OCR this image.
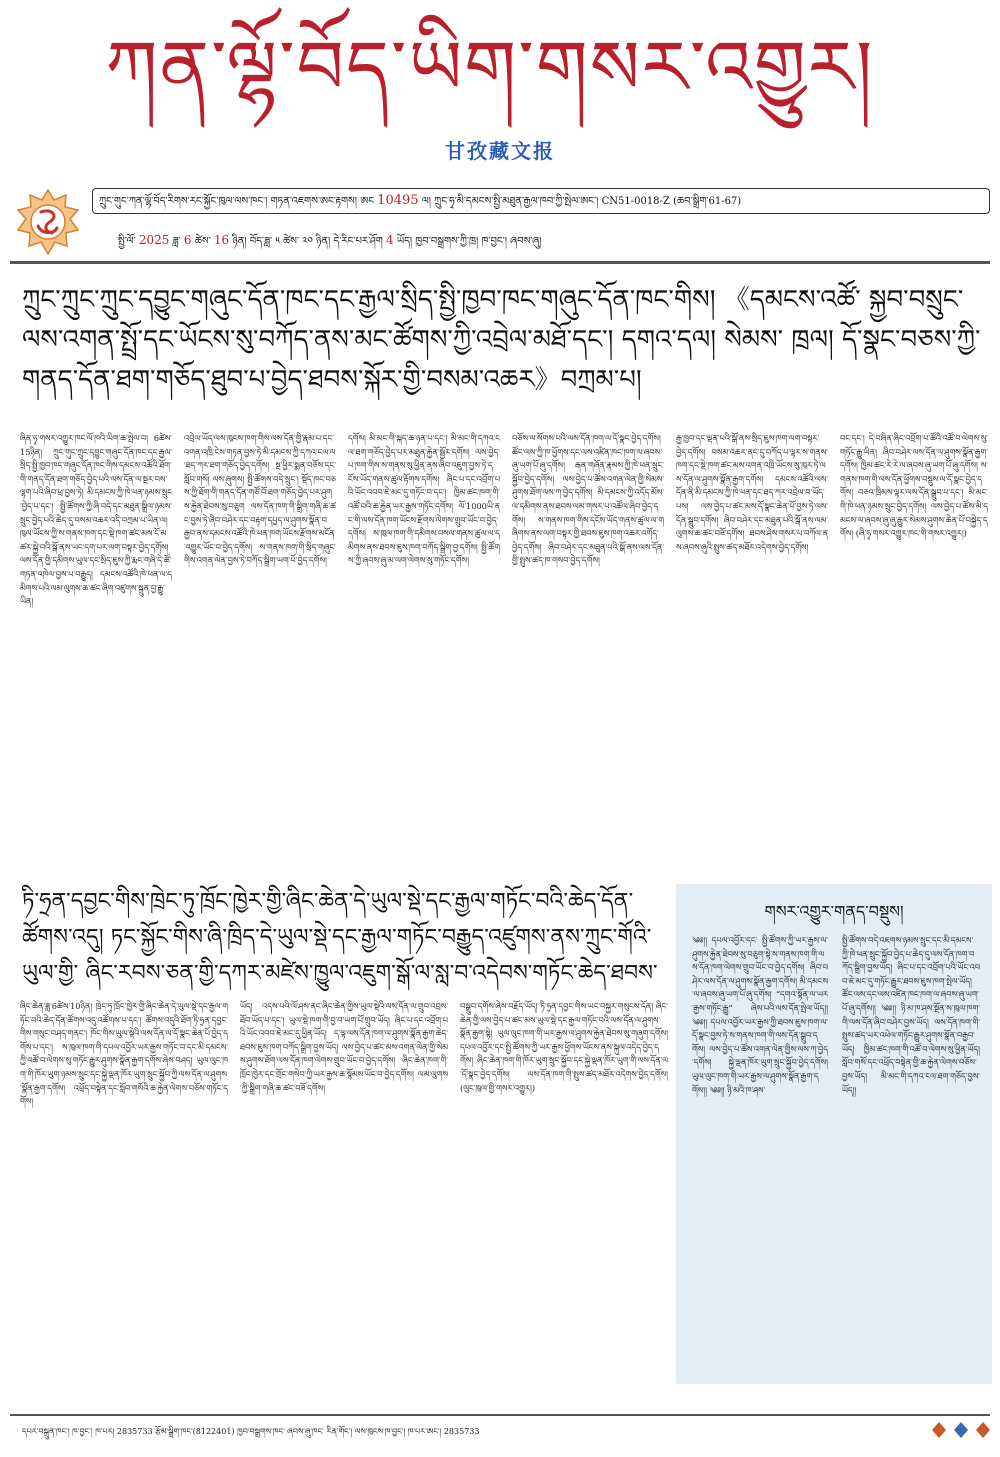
ཀན་ལྷོ་བོད་ཡིག་གསར་འགྱུར།
甘孜藏文报
ཀྲུང་གུང་ཀན་ལྷོ་བོད་རིགས་རང་སྐྱོང་ཁུལ་ལས་ཁང་། གཏན་འཇགས་ཨང་རྟགས། ཨང 10495 ལ། ཀྲུང་ཧྭ་མི་དམངས་སྤྱི་མཐུན་རྒྱལ་ཁབ་ཀྱི་སྤེལ་ཨང་། CN51-0018-Z (ཆབ་སྒྲིག་61-67)
སྤྱི་ལོ་ 2025 ཟླ་ 6 ཚེས་ 16 ཉིན། བོད་ཟླ་ ༥ ཚེས་ ༢༠ ཉིན། དེ་རིང་པར་ཤོག 4 ཡོད། ཁྱབ་བསྒྲགས་ཀྱི་ཁྲ། ཁ་བྱང་། ཞབས་ཞུ།
ཀྲུང་ཀྲུང་ཀྲུང་དབྱུང་གཞུང་དོན་ཁང་དང་རྒྱལ་སྲིད་སྤྱི་ཁྱབ་ཁང་གཞུང་དོན་ཁང་གིས། 《དམངས་འཚོ་ སྐྱབ་བསྲུང་ལས་འགན་སྤྲོ་དང་ཡོངས་སུ་བཀོད་ནས་མང་ཚོགས་ཀྱི་འབྲེལ་མཐོ་དང་། དགའ་དལ། སེམས་ ཁྲལ། དོ་སྣང་བཅས་ཀྱི་གནད་དོན་ཐག་གཅོད་ཐུབ་པ་བྱེད་ཐབས་སྐོར་གྱི་བསམ་འཆར》བཀྲམ་པ།
ཞིན་ཧྭ་གསར་འགྱུར་ཁང་ལོ་ཁའི་ཡིག་ཆ་སྤེལ་བ། 6ཚེས་15ཉིན། ཀྲུང་གུང་ཀྲུང་དབྱུང་གཞུང་དོན་ཁང་དང་རྒྱལ་སྲིད་སྤྱི་ཁྱབ་ཁང་གཞུང་དོན་ཁང་གིས་དམངས་འཚོའི་ཐོག་གི་གནད་དོན་ཐག་གཅོད་བྱེད་པའི་ལས་དོན་ལ་སྔར་བས་ལྷག་པའི་ཞིབ་ཕྲ་བྱས་ཏེ། མི་དམངས་ཀྱི་ཁེ་ཕན་ཉམས་སྲུང་བྱེད་པ་དང་། སྤྱི་ཚོགས་ཀྱི་ཞི་བདེ་དང་མཐུན་སྒྲིལ་ཉམས་སྲུང་བྱེད་པའི་ཆེད་དུ་བསམ་འཆར་འདི་བཀྲམ་པ་ཡིན་ལ། ཁུལ་ཡོངས་ཀྱི་ས་གནས་ཁག་དང་སྡེ་ཁག་ཚང་མས་ངོ་མཚར་སྐྱེ་བའི་སྒོ་ནས་ཡང་དག་པར་ལག་བསྟར་བྱེད་དགོས། ལས་དོན་གྱི་དམིགས་ཡུལ་དང་སྲིད་ཇུས་ཀྱི་རྨང་གཞི་དེ་ཚོ་གཏན་འཁེལ་བྱས་པ་བརྒྱུད། དམངས་འཚོའི་ཁེ་ཕན་ལ་དམིགས་པའི་ལམ་ལུགས་ཆ་ཚང་ཞིག་འཛུགས་སྐྲུན་བྱ་རྒྱུ་ཡིན།
འབྲེལ་ཡོད་ལས་ཁུངས་ཁག་གིས་ལས་དོན་གྱི་རྣམ་པ་དང་འགན་འཁྲི་ངེས་གཏན་བྱས་ཏེ་མི་དམངས་ཀྱི་དཀའ་ངལ་ལ་ཐད་ཀར་ཐག་གཅོད་བྱེད་དགོས། སྔ་ཕྱིར་སྨན་བཅོས་དང་སློབ་གསོ། ལས་ཞུགས། སྤྱི་ཚོགས་བདེ་སྲུང་། སྡོད་ཁང་བཅས་ཀྱི་ཐོག་གི་གནད་དོན་གཙོ་བོ་ཐག་གཅོད་བྱེད་པར་ཤུགས་རྐྱེན་ཐེབས་སུ་བཅུག ལས་དོན་ཁག་གི་སྒྲིག་གཞི་ཆ་ཚང་བྱས་ཏེ་ཞིབ་བཤེར་དང་བརྟག་དཔྱད་ལ་ཤུགས་སྣོན་བརྒྱབ་ནས་དམངས་འཚོའི་ཁེ་ཕན་ཁག་ཡོངས་རྫོགས་མངོན་འགྱུར་ཡོང་བ་བྱེད་དགོས། ས་གནས་ཁག་གི་སྲིད་གཞུང་གིས་འགན་ལེན་བྱས་ཏེ་བཀོད་སྒྲིག་ཡག་པོ་བྱེད་དགོས།
དགོས། མི་མང་གི་སྐད་ཆ་ཉན་པ་དང་། མི་མང་གི་དཀའ་ངལ་ཐག་གཅོད་བྱེད་པར་མཐུན་རྐྱེན་སྦྱོར་དགོས། ལས་བྱེད་པ་ཁག་གིས་ས་གནས་སུ་ཕྱིན་ནས་ཞིབ་འཇུག་བྱས་ཏེ་དངོས་ཡོད་གནས་ཚུལ་རྟོགས་དགོས། ཞིང་པ་དང་འབྲོག་པའི་ཡོང་འབབ་ཇེ་མང་དུ་གཏོང་བ་དང་། ཁྱིམ་ཚང་ཁག་གི་འཚོ་བའི་ཆ་རྐྱེན་ཡར་རྒྱས་གཏོང་དགོས། ལོ་1000ཡི་ནང་གི་ལས་དོན་ཁག་ཡོངས་རྫོགས་ལེགས་གྲུབ་ཡོང་བ་བྱེད་དགོས། ས་ཁུལ་ཁག་གི་དམིགས་བསལ་གནས་ཚུལ་ལ་དམིགས་ནས་ཐབས་ཇུས་ཁག་བཀོད་སྒྲིག་བྱ་དགོས། སྤྱི་ཚོགས་ཀྱི་ཞབས་ཞུ་མ་ལག་ལེགས་སུ་གཏོང་དགོས།
བཅོས་ལ་སོགས་པའི་ལས་དོན་ཁག་ལ་དོ་སྣང་བྱེད་དགོས། ཚོང་ལས་ཀྱི་ཁ་ཕྱོགས་དང་ལས་འཛིན་ཁང་ཁག་ལ་ཞབས་ཞུ་ཡག་པོ་ཞུ་དགོས། རྒན་གཞོན་རྣམས་ཀྱི་ཁེ་ཕན་སྲུང་སྐྱོབ་བྱེད་དགོས། ལས་བྱེད་པ་ཚོས་འགན་ལེན་གྱི་སེམས་ཤུགས་ཐོག་ལས་ཀ་བྱེད་དགོས། མི་དམངས་ཀྱི་འདོད་མོས་ལ་དམིགས་ནས་ཐབས་ལམ་གསར་པ་འཚོལ་ཞིབ་བྱེད་དགོས། ས་གནས་ཁག་གིས་དངོས་ཡོད་གནས་ཚུལ་ལ་གཞིགས་ནས་ལག་བསྟར་གྱི་ཐབས་ཇུས་ཁག་འཆར་འགོད་བྱེད་དགོས། ཞིབ་བཤེར་དང་མཐུན་པའི་སྒོ་ནས་ལས་དོན་གྱི་སྤུས་ཚད་ཁ་གསབ་བྱེད་དགོས།
རྒྱ་ཁྱབ་དང་ལྡན་པའི་སྒོ་ནས་སྲིད་ཇུས་ཁག་ལག་བསྟར་བྱེད་དགོས། བསམ་འཆར་ནང་དུ་བཀོད་པ་ལྟར་ས་གནས་ཁག་དང་སྡེ་ཁག་ཚང་མས་འགན་འཁྲི་ཡོངས་སུ་ཁུར་ཏེ་ལས་དོན་ལ་ཤུགས་སྣོན་རྒྱག་དགོས། དམངས་འཚོའི་ལས་དོན་ནི་མི་དམངས་ཀྱི་ཁེ་ཕན་དང་ཐད་ཀར་འབྲེལ་བ་ཡོད་པས། ལས་བྱེད་པ་ཚང་མས་དོ་སྣང་ཆེན་པོ་བྱས་ཏེ་ལས་དོན་སྒྲུབ་དགོས། ཞིབ་བཤེར་དང་མཐུན་པའི་སྒོ་ནས་ལམ་ལུགས་ཆ་ཚང་བཟོ་དགོས། ཐབས་ཤེས་གསར་པ་བཀོལ་ནས་ཞབས་ཞུའི་སྤུས་ཚད་མཐོར་འདེགས་བྱེད་དགོས།
བང་དང་། དེ་བཞིན་ཞིང་འབྲོག་པ་ཚོའི་འཚོ་བ་ལེགས་སུ་གཏོང་རྒྱུ་ཡིན། ཞིབ་བཤེར་ལས་དོན་ལ་ཤུགས་སྣོན་རྒྱག་དགོས། ཁྱིམ་ཚང་རེ་རེ་ལ་ཞབས་ཞུ་ཡག་པོ་ཞུ་དགོས། ས་གནས་ཁག་གི་ལས་དོན་ཕྱོགས་བསྡུས་ལ་དོ་སྣང་བྱེད་དགོས། བཅའ་ཁྲིམས་ལྟར་ལས་དོན་སྒྲུབ་པ་དང་། མི་མང་གི་ཁེ་ཕན་ཉམས་སྲུང་བྱེད་དགོས། ལས་བྱེད་པ་ཚོས་མི་དམངས་ལ་ཞབས་ཞུ་ཞུ་རྒྱུར་སེམས་ཤུགས་ཆེན་པོ་བསྐྱེད་དགོས། (ཞི་ཧྭ་གསར་འགྱུར་ཁང་གི་གསར་འགྱུར།)
ཏི་ཧྲན་དབྱང་གིས་ཁྲེང་ཏུ་ཁྲོང་ཁྱེར་གྱི་ཞིང་ཆེན་དེ་ཡུལ་སྡེ་དང་རྒྱལ་གཏོང་བའི་ཆེད་དོན་ཚོགས་འདུ། ཏང་སྐྱོང་གིས་ཞི་ཁྲིད་དེ་ཡུལ་སྡེ་དང་རྒྱལ་གཏོང་བརྒྱུད་འཛུགས་ནས་ཀྲུང་གོའི་ཡུལ་གྱི་ ཞིང་རབས་ཅན་གྱི་དཀར་མཛེས་ཁྱུལ་འཇུག་སྒོ་ལ་སླ་བ་འདེབས་གཏོང་ཆེད་ཐབས་
ཞིང་ཆེན་ཟླ་6ཚེས་10ཉིན། ཁྲེང་ཏུ་ཁྲོང་ཁྱེར་གྱི་ཞིང་ཆེན་དེ་ཡུལ་སྡེ་དང་རྒྱལ་གཏོང་བའི་ཆེད་དོན་ཚོགས་འདུ་འཚོགས་པ་དང་། ཚོགས་འདུའི་ཐོག་ཏི་ཧྲན་དབྱང་གིས་གསུང་བཤད་གནང་། ཁོང་གིས་ཡུལ་སྡེའི་ལས་དོན་ལ་དོ་སྣང་ཆེན་པོ་བྱེད་དགོས་པ་དང་། ས་ཁུལ་ཁག་གི་དཔལ་འབྱོར་ཡར་རྒྱས་གཏོང་བ་དང་མི་དམངས་ཀྱི་འཚོ་བ་ལེགས་སུ་གཏོང་རྒྱུར་ཤུགས་སྣོན་རྒྱག་དགོས་ཞེས་བཤད། ཡུལ་ལུང་ཁག་གི་ཁོར་ཡུག་ཉམས་སྲུང་དང་སྐྱེ་ལྡན་ཁོར་ཡུག་སྲུང་སྐྱོབ་ཀྱི་ལས་དོན་ལ་ཤུགས་སྣོན་རྒྱག་དགོས། འཕྲོད་བསྟེན་དང་སློབ་གསོའི་ཆ་རྐྱེན་ལེགས་བཅོས་གཏོང་དགོས།
ཡོད། འདས་པའི་ལོ་ཤས་ནང་ཞིང་ཆེན་གྱིས་ཡུལ་སྡེའི་ལས་དོན་ལ་གྲུབ་འབྲས་ཐོབ་ཡོད་པ་དང་། ཡུལ་སྡེ་ཁག་གི་བྱ་བ་ཡག་པོ་གྲུབ་ཡོད། ཞིང་པ་དང་འབྲོག་པའི་ཡོང་འབབ་ཇེ་མང་དུ་ཕྱིན་ཡོད། ད་ལྟ་ལས་དོན་ཁག་ལ་ཤུགས་སྣོན་རྒྱག་ཆེད་ཐབས་ཇུས་ཁག་བཀོད་སྒྲིག་བྱས་ཡོད། ལས་བྱེད་པ་ཚང་མས་འགན་ལེན་གྱི་སེམས་ཤུགས་ཐོག་ལས་དོན་ཁག་ལེགས་གྲུབ་ཡོང་བ་བྱེད་དགོས། ཞིང་ཆེན་ཁག་གི་ཁྲོང་ཁྱེར་དང་གྲོང་གསེབ་ཀྱི་ཡར་རྒྱས་ཆ་སྙོམས་ཡོང་བ་བྱེད་དགོས། ལམ་ལུགས་ཀྱི་སྒྲིག་གཞི་ཆ་ཚང་བཟོ་དགོས།
བསྒྲུབ་དགོས་ཞེས་བརྗོད་ཡོད། ཏི་ཧྲན་དབྱང་གིས་ཡང་བསྐྱར་གསུངས་དོན། ཞིང་ཆེན་གྱི་ལས་བྱེད་པ་ཚང་མས་ཡུལ་སྡེ་དང་རྒྱལ་གཏོང་བའི་ལས་དོན་ལ་ཤུགས་སྣོན་རྒྱག་སྟེ། ཡུལ་ལུང་ཁག་གི་ཡར་རྒྱས་ལ་ཤུགས་རྐྱེན་ཐེབས་སུ་གཞུག་དགོས། དཔལ་འབྱོར་དང་སྤྱི་ཚོགས་ཀྱི་ཡར་རྒྱས་ཕྱོགས་ཡོངས་ནས་སྐུལ་འདེད་བྱེད་དགོས། ཞིང་ཆེན་ཁག་གི་ཁོར་ཡུག་སྲུང་སྐྱོབ་དང་སྐྱེ་ལྡན་ཁོར་ཡུག་གི་ལས་དོན་ལ་དོ་སྣང་བྱེད་དགོས། ལས་དོན་ཁག་གི་སྤུས་ཚད་མཐོར་འདེགས་བྱེད་དགོས། (ལུང་ཁུལ་གྱི་གསར་འགྱུར།)
གསར་འགྱུར་གནད་བསྡུས།
༄༅།། དཔལ་འབྱོར་དང་ སྤྱི་ཚོགས་ཀྱི་ཡར་རྒྱས་ལ་ཤུགས་རྐྱེན་ཐེབས་སུ་བཅུག་སྟེ་ས་གནས་ཁག་གི་ལས་དོན་ཁག་ལེགས་གྲུབ་ཡོང་བ་བྱེད་དགོས། ཞིབ་བཤེར་ལས་དོན་ལ་ཤུགས་སྣོན་རྒྱག་དགོས། མི་དམངས་ལ་ཞབས་ཞུ་ཡག་པོ་ཞུ་དགོས། “དགའ་སྟོན་ལ་ཡར་རྒྱས་གཏོང་རྒྱུ” ཞེས་པའི་ལས་དོན་སྤེལ་ཡོད།། ༄༅།། དཔལ་འབྱོར་ཡར་རྒྱས་ཀྱི་ཐབས་ཇུས་ཁག་ལ་དོ་སྣང་བྱས་ཏེ་ས་གནས་ཁག་གི་ལས་དོན་སྒྲུབ་དགོས། ལས་བྱེད་པ་ཚོས་འགན་ལེན་གྱིས་ལས་ཀ་བྱེད་དགོས། སྐྱེ་ལྡན་ཁོར་ཡུག་སྲུང་སྐྱོབ་བྱེད་དགོས། ཡུལ་ལུང་ཁག་གི་ཡར་རྒྱས་ལ་ཤུགས་སྣོན་རྒྱག་དགོས།། ༄༅།། ཉི་མའི་ཁ་ཤས་
སྤྱི་ཚོགས་བདེ་འཇགས་ཉམས་སྲུང་དང་མི་དམངས་ཀྱི་ཁེ་ཕན་སྲུང་སྐྱོབ་བྱེད་པ་ཆེད་དུ་ལས་དོན་ཁག་བཀོད་སྒྲིག་བྱས་ཡོད། ཞིང་པ་དང་འབྲོག་པའི་ཡོང་འབབ་ཇེ་མང་དུ་གཏོང་རྒྱུར་ཐབས་ཇུས་ཁག་སྤེལ་ཡོད། ཚོང་ལས་དང་ལས་འཛིན་ཁང་ཁག་ལ་ཞབས་ཞུ་ཡག་པོ་ཞུ་དགོས།། ༄༅།། ཉི་མ་ཁ་ཤས་སྔོན་ས་ཁུལ་ཁག་གི་ལས་དོན་ཞིབ་བཤེར་བྱས་ཡོད། ལས་དོན་ཁག་གི་སྤུས་ཚད་ཡར་འཕེལ་གཏོང་རྒྱུར་ཤུགས་སྣོན་བརྒྱབ་ཡོད། ཁྱིམ་ཚང་ཁག་གི་འཚོ་བ་ལེགས་སུ་ཕྱིན་ཡོད། སློབ་གསོ་དང་འཕྲོད་བསྟེན་གྱི་ཆ་རྐྱེན་ལེགས་བཅོས་བྱས་ཡོད། མི་མང་གི་དཀའ་ངལ་ཐག་གཅོད་བྱས་ཡོད།།
དཔར་བསྐྲུན་ཁང་། ཁ་བྱང་། ཁ་པར། 2835733 རྩོམ་སྒྲིག་ཁང་(8122401) ཁྱབ་བསྒྲགས་ཁང་ ཞབས་ཞུ་ཁང་ རིན་གོང་། ལས་ཁུངས་ཁ་བྱང་། ཁ་པར་ཨང་། 2835733
